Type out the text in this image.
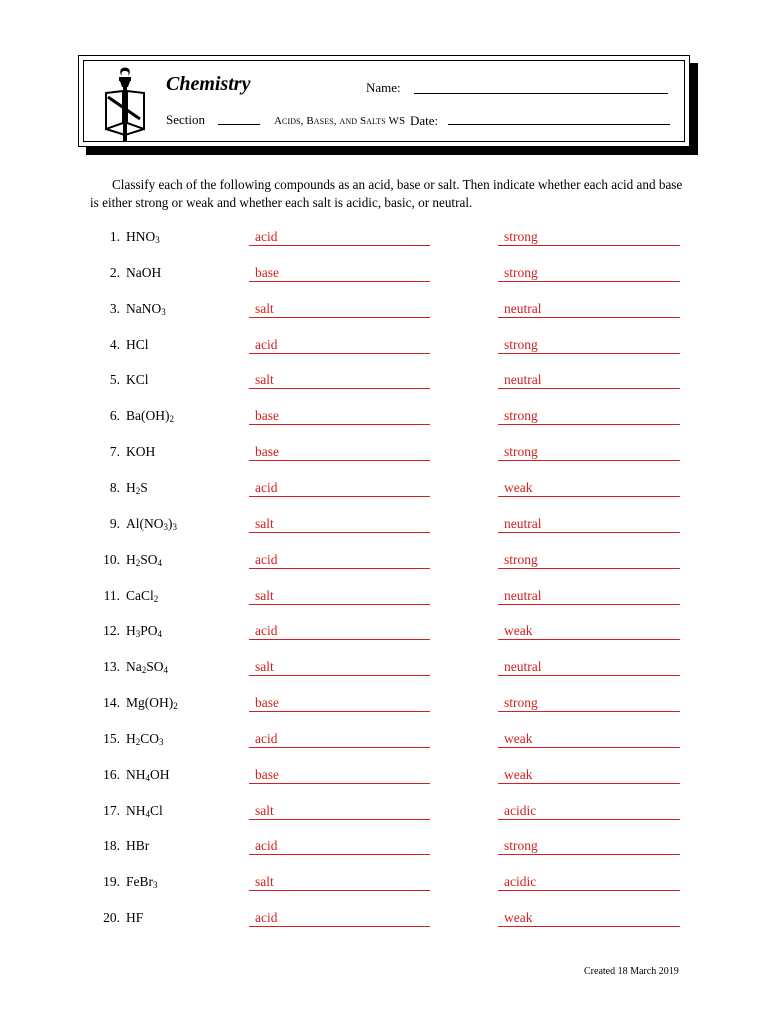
Chemistry	Name:
Section	Acids, Bases, and Salts WS Date:
Classify each of the following compounds as an acid, base or salt. Then indicate whether each acid and base is either strong or weak and whether each salt is acidic, basic, or neutral.
1. $HNO_3$	acid	strong
2. NaOH	base	strong
3. NaNO$_3$	salt	neutral
4. HCl	acid	strong
5. KCl	salt	neutral
6. $Ba(OH)_2$	base	strong
7. KOH	base	strong
8. $H_2S$	acid	weak
9. $Al(NO_3)_3$	salt	neutral
10. $H_2SO_4$	acid	strong
11. CaCl$_2$	salt	neutral
12. $H_3PO_4$	acid	weak
13. $Na_2SO_4$	salt	neutral
14. $Mg(OH)_2$	base	strong
15. $H_2CO_3$	acid	weak
16. $NH_4OH$	base	weak
17. $NH_4Cl$	salt	acidic
18. HBr	acid	strong
19. FeBr$_3$	salt	acidic
20. HF	acid	weak
Created 18 March 2019
